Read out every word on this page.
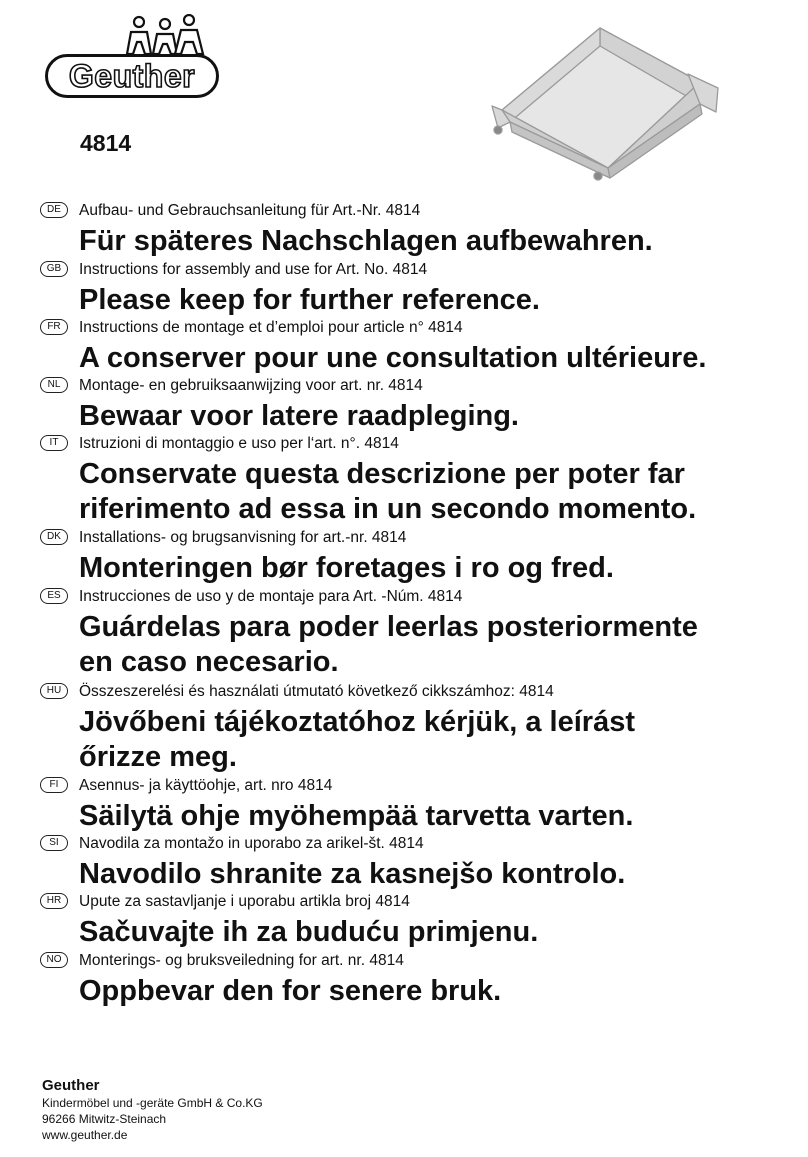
Geuther
4814
DE	Aufbau- und Gebrauchsanleitung für Art.-Nr. 4814
Für späteres Nachschlagen aufbewahren.
GB	Instructions for assembly and use for Art. No. 4814
Please keep for further reference.
FR	Instructions de montage et d’emploi pour article n° 4814
A conserver pour une consultation ultérieure.
NL	Montage- en gebruiksaanwijzing voor art. nr. 4814
Bewaar voor latere raadpleging.
IT	Istruzioni di montaggio e uso per l‘art. n°. 4814
Conservate questa descrizione per poter far
riferimento ad essa in un secondo momento.
DK	Installations- og brugsanvisning for art.-nr. 4814
Monteringen bør foretages i ro og fred.
ES	Instrucciones de uso y de montaje para Art. -Núm. 4814
Guárdelas para poder leerlas posteriormente
en caso necesario.
HU	Összeszerelési és használati útmutató következő cikkszámhoz: 4814
Jövőbeni tájékoztatóhoz kérjük, a leírást
őrizze meg.
FI	Asennus- ja käyttöohje, art. nro 4814
Säilytä ohje myöhempää tarvetta varten.
SI	Navodila za montažo in uporabo za arikel-št. 4814
Navodilo shranite za kasnejšo kontrolo.
HR	Upute za sastavljanje i uporabu artikla broj 4814
Sačuvajte ih za buduću primjenu.
NO	Monterings- og bruksveiledning for art. nr. 4814
Oppbevar den for senere bruk.
Geuther
Kindermöbel und -geräte GmbH & Co.KG
96266 Mitwitz-Steinach
www.geuther.de
